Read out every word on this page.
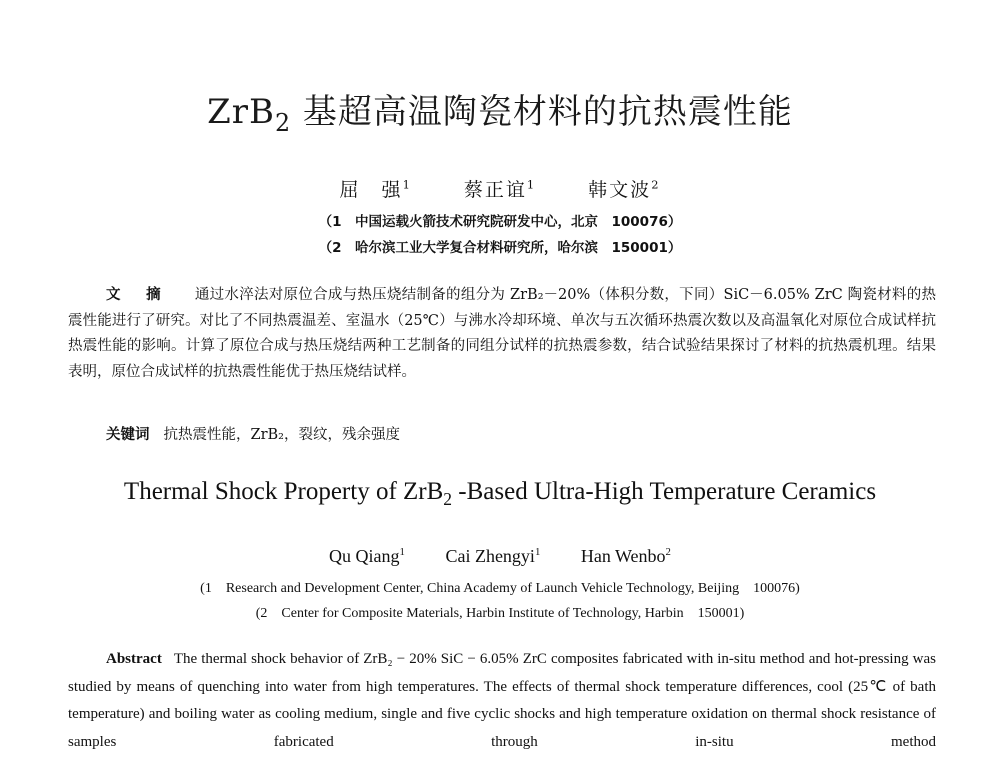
ZrB$_2$ 基超高温陶瓷材料的抗热震性能
屈　强$^1$	蔡正谊$^1$	韩文波$^2$
（1　中国运载火箭技术研究院研发中心，北京　100076）
（2　哈尔滨工业大学复合材料研究所，哈尔滨　150001）
文 摘 通过水淬法对原位合成与热压烧结制备的组分为 ZrB₂－20%（体积分数，下同）SiC－6.05% ZrC 陶瓷材料的热震性能进行了研究。对比了不同热震温差、室温水（25℃）与沸水冷却环境、单次与五次循环热震次数以及高温氧化对原位合成试样抗热震性能的影响。计算了原位合成与热压烧结两种工艺制备的同组分试样的抗热震参数，结合试验结果探讨了材料的抗热震机理。结果表明，原位合成试样的抗热震性能优于热压烧结试样。
关键词 抗热震性能，ZrB₂，裂纹，残余强度
Thermal Shock Property of ZrB$_2$ -Based Ultra-High Temperature Ceramics
Qu Qiang$^1$ Cai Zhengyi$^1$ Han Wenbo$^2$
(1　Research and Development Center, China Academy of Launch Vehicle Technology, Beijing　100076)
(2　Center for Composite Materials, Harbin Institute of Technology, Harbin　150001)
Abstract The thermal shock behavior of ZrB₂ − 20% SiC − 6.05% ZrC composites fabricated with in-situ method and hot-pressing was studied by means of quenching into water from high temperatures. The effects of thermal shock temperature differences, cool (25℃ of bath temperature) and boiling water as cooling medium, single and five cyclic shocks and high temperature oxidation on thermal shock resistance of samples fabricated through in-situ method
